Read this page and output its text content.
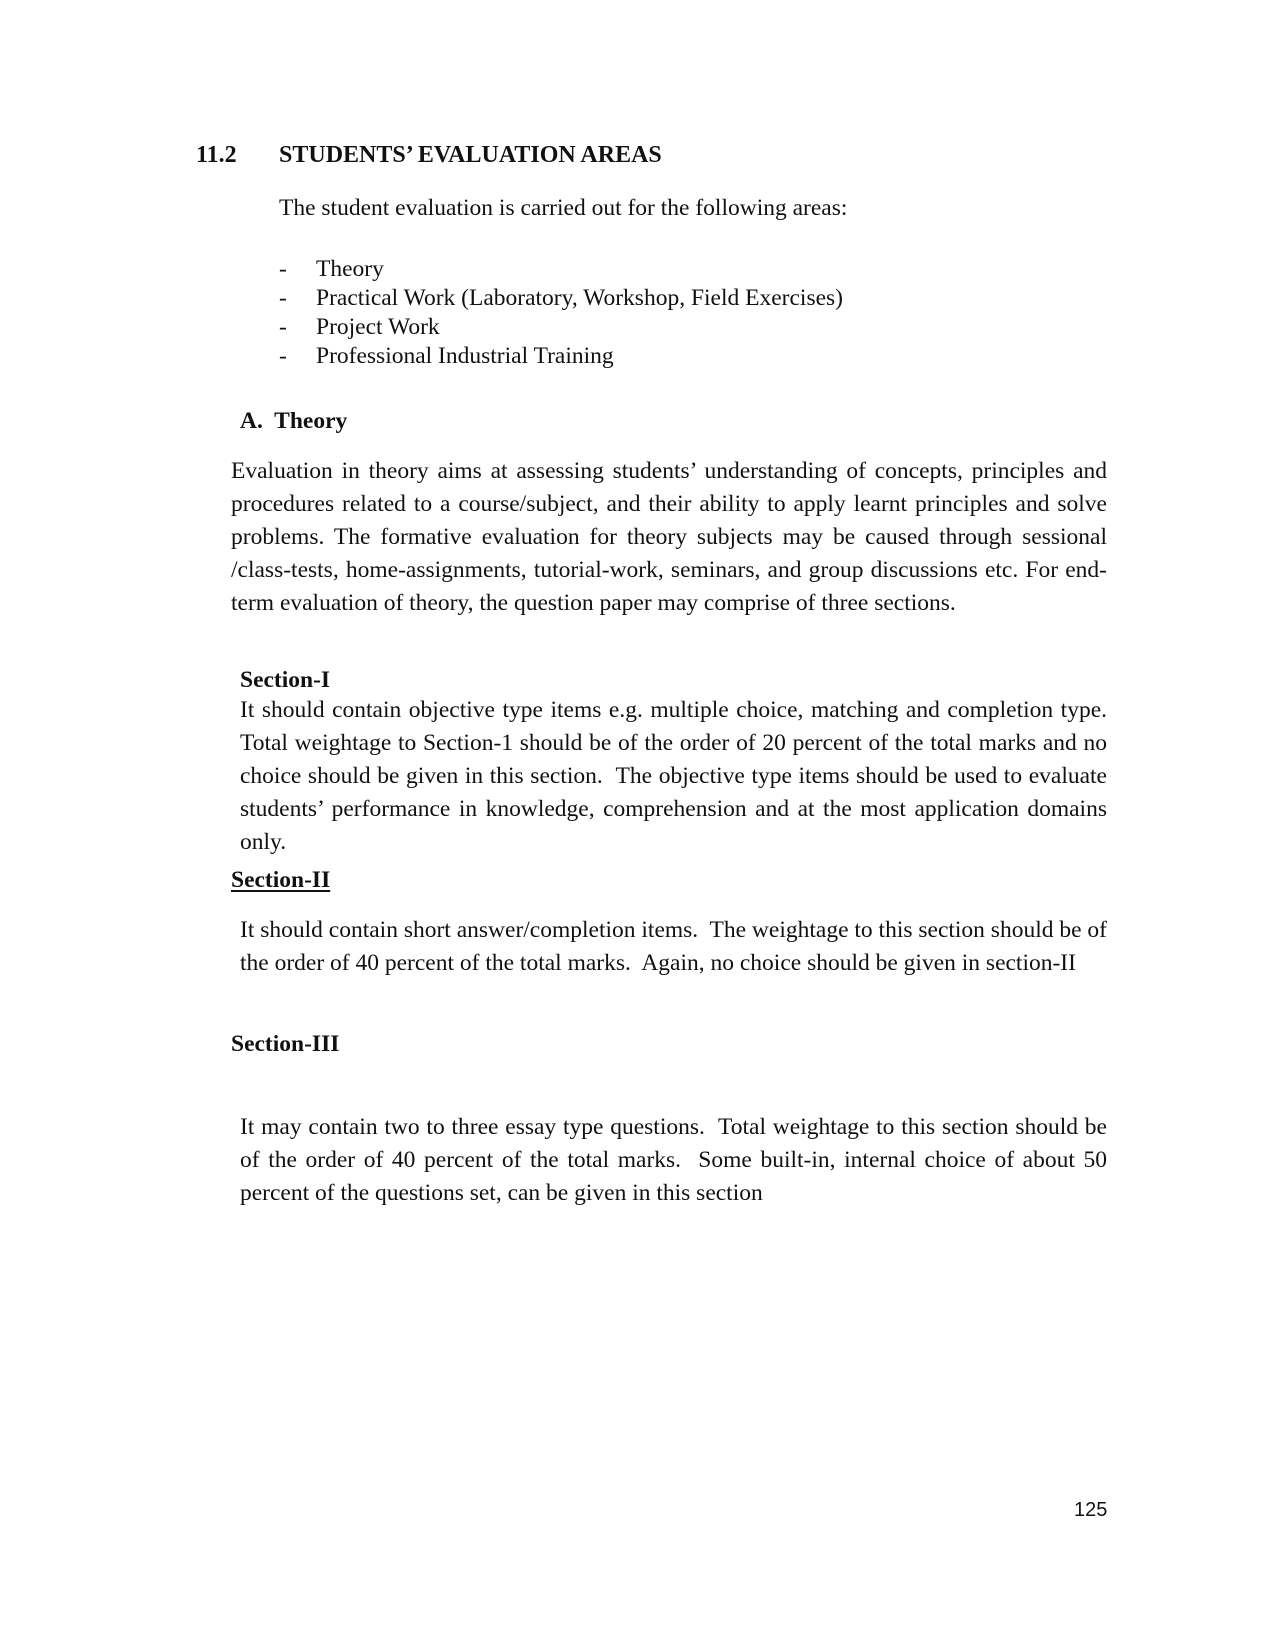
11.2 STUDENTS’ EVALUATION AREAS
The student evaluation is carried out for the following areas:
- Theory
- Practical Work (Laboratory, Workshop, Field Exercises)
- Project Work
- Professional Industrial Training
A.  Theory
Evaluation in theory aims at assessing students’ understanding of concepts, principles and procedures related to a course/subject, and their ability to apply learnt principles and solve problems. The formative evaluation for theory subjects may be caused through sessional /class-tests, home-assignments, tutorial-work, seminars, and group discussions etc. For end-term evaluation of theory, the question paper may comprise of three sections.
Section-I
It should contain objective type items e.g. multiple choice, matching and completion type. Total weightage to Section-1 should be of the order of 20 percent of the total marks and no choice should be given in this section.  The objective type items should be used to evaluate students’ performance in knowledge, comprehension and at the most application domains only.
Section-II
It should contain short answer/completion items.  The weightage to this section should be of the order of 40 percent of the total marks.  Again, no choice should be given in section-II
Section-III
It may contain two to three essay type questions.  Total weightage to this section should be of the order of 40 percent of the total marks.  Some built-in, internal choice of about 50 percent of the questions set, can be given in this section
125
